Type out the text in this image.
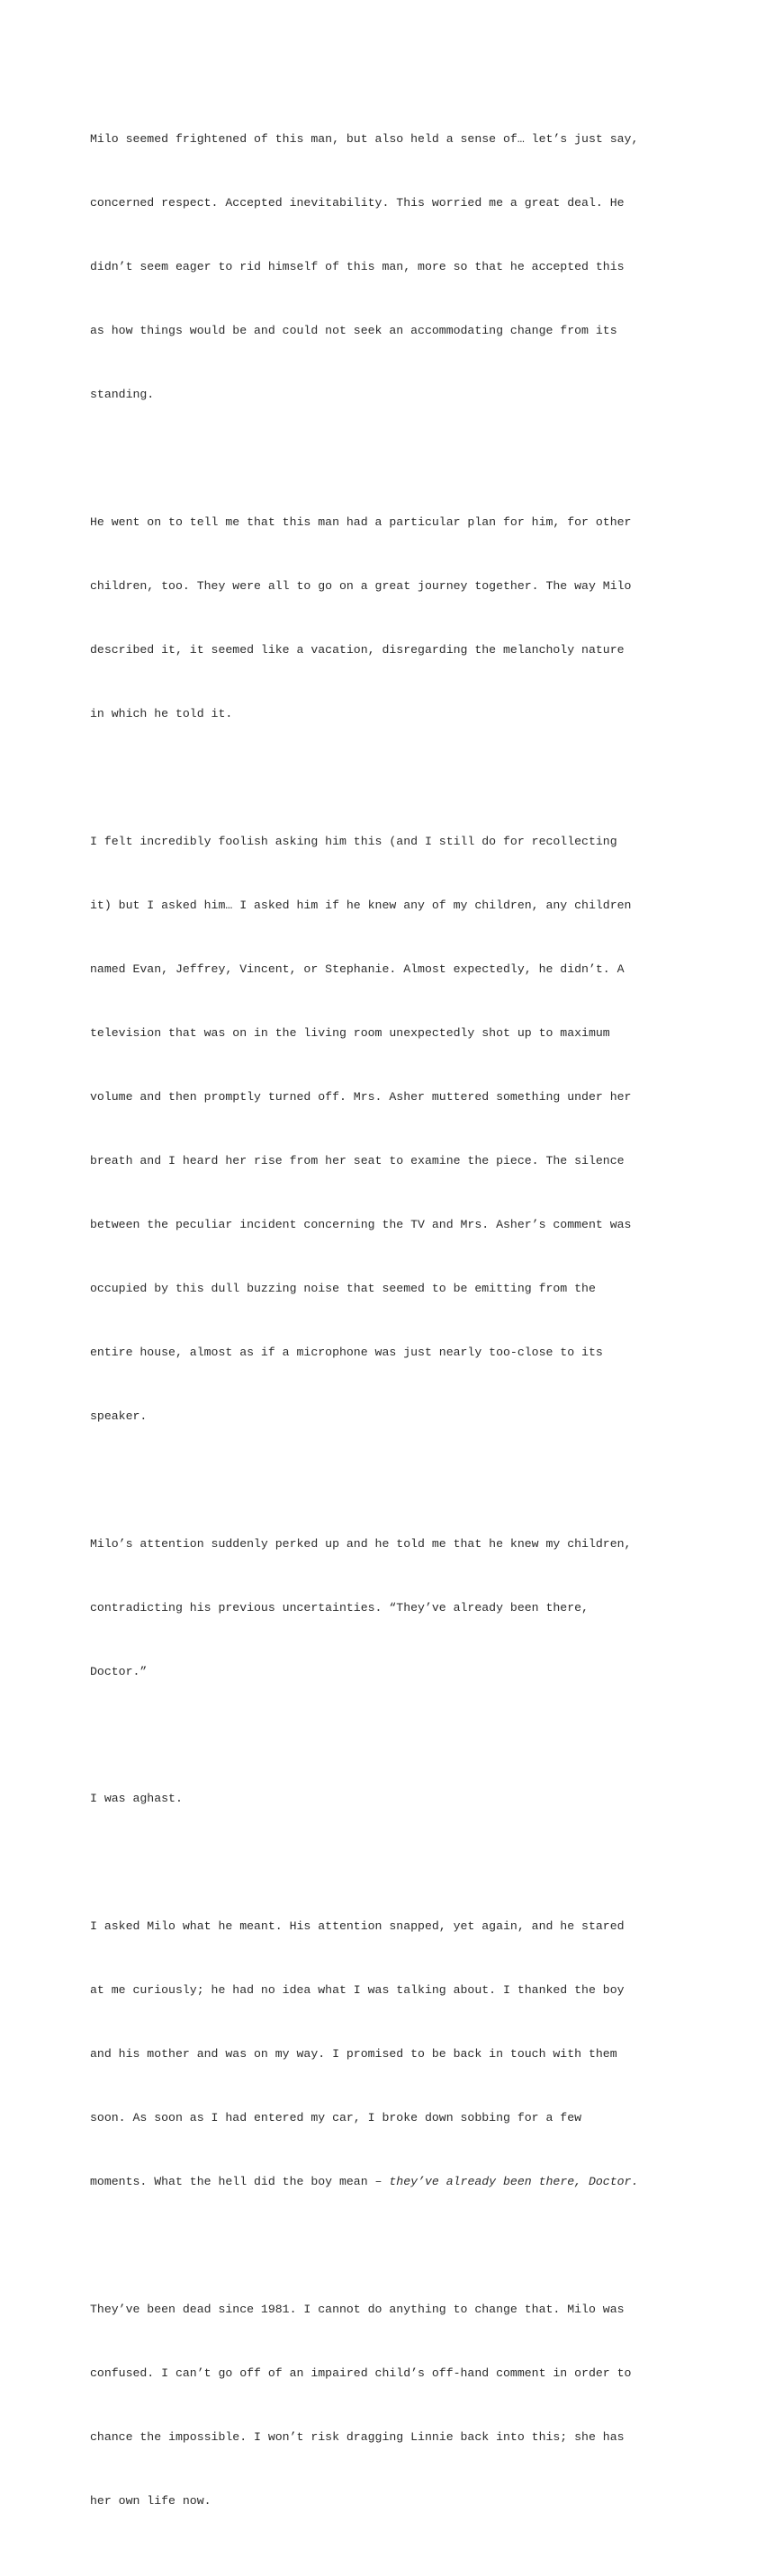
Milo seemed frightened of this man, but also held a sense of… let’s just say,

concerned respect. Accepted inevitability. This worried me a great deal. He

didn’t seem eager to rid himself of this man, more so that he accepted this

as how things would be and could not seek an accommodating change from its

standing.

He went on to tell me that this man had a particular plan for him, for other

children, too. They were all to go on a great journey together. The way Milo

described it, it seemed like a vacation, disregarding the melancholy nature

in which he told it.

I felt incredibly foolish asking him this (and I still do for recollecting

it) but I asked him… I asked him if he knew any of my children, any children

named Evan, Jeffrey, Vincent, or Stephanie. Almost expectedly, he didn’t. A

television that was on in the living room unexpectedly shot up to maximum

volume and then promptly turned off. Mrs. Asher muttered something under her

breath and I heard her rise from her seat to examine the piece. The silence

between the peculiar incident concerning the TV and Mrs. Asher’s comment was

occupied by this dull buzzing noise that seemed to be emitting from the

entire house, almost as if a microphone was just nearly too-close to its

speaker.

Milo’s attention suddenly perked up and he told me that he knew my children,

contradicting his previous uncertainties. “They’ve already been there,

Doctor.”

I was aghast.

I asked Milo what he meant. His attention snapped, yet again, and he stared

at me curiously; he had no idea what I was talking about. I thanked the boy

and his mother and was on my way. I promised to be back in touch with them

soon. As soon as I had entered my car, I broke down sobbing for a few

moments. What the hell did the boy mean – they’ve already been there, Doctor.

They’ve been dead since 1981. I cannot do anything to change that. Milo was

confused. I can’t go off of an impaired child’s off-hand comment in order to

chance the impossible. I won’t risk dragging Linnie back into this; she has

her own life now.
